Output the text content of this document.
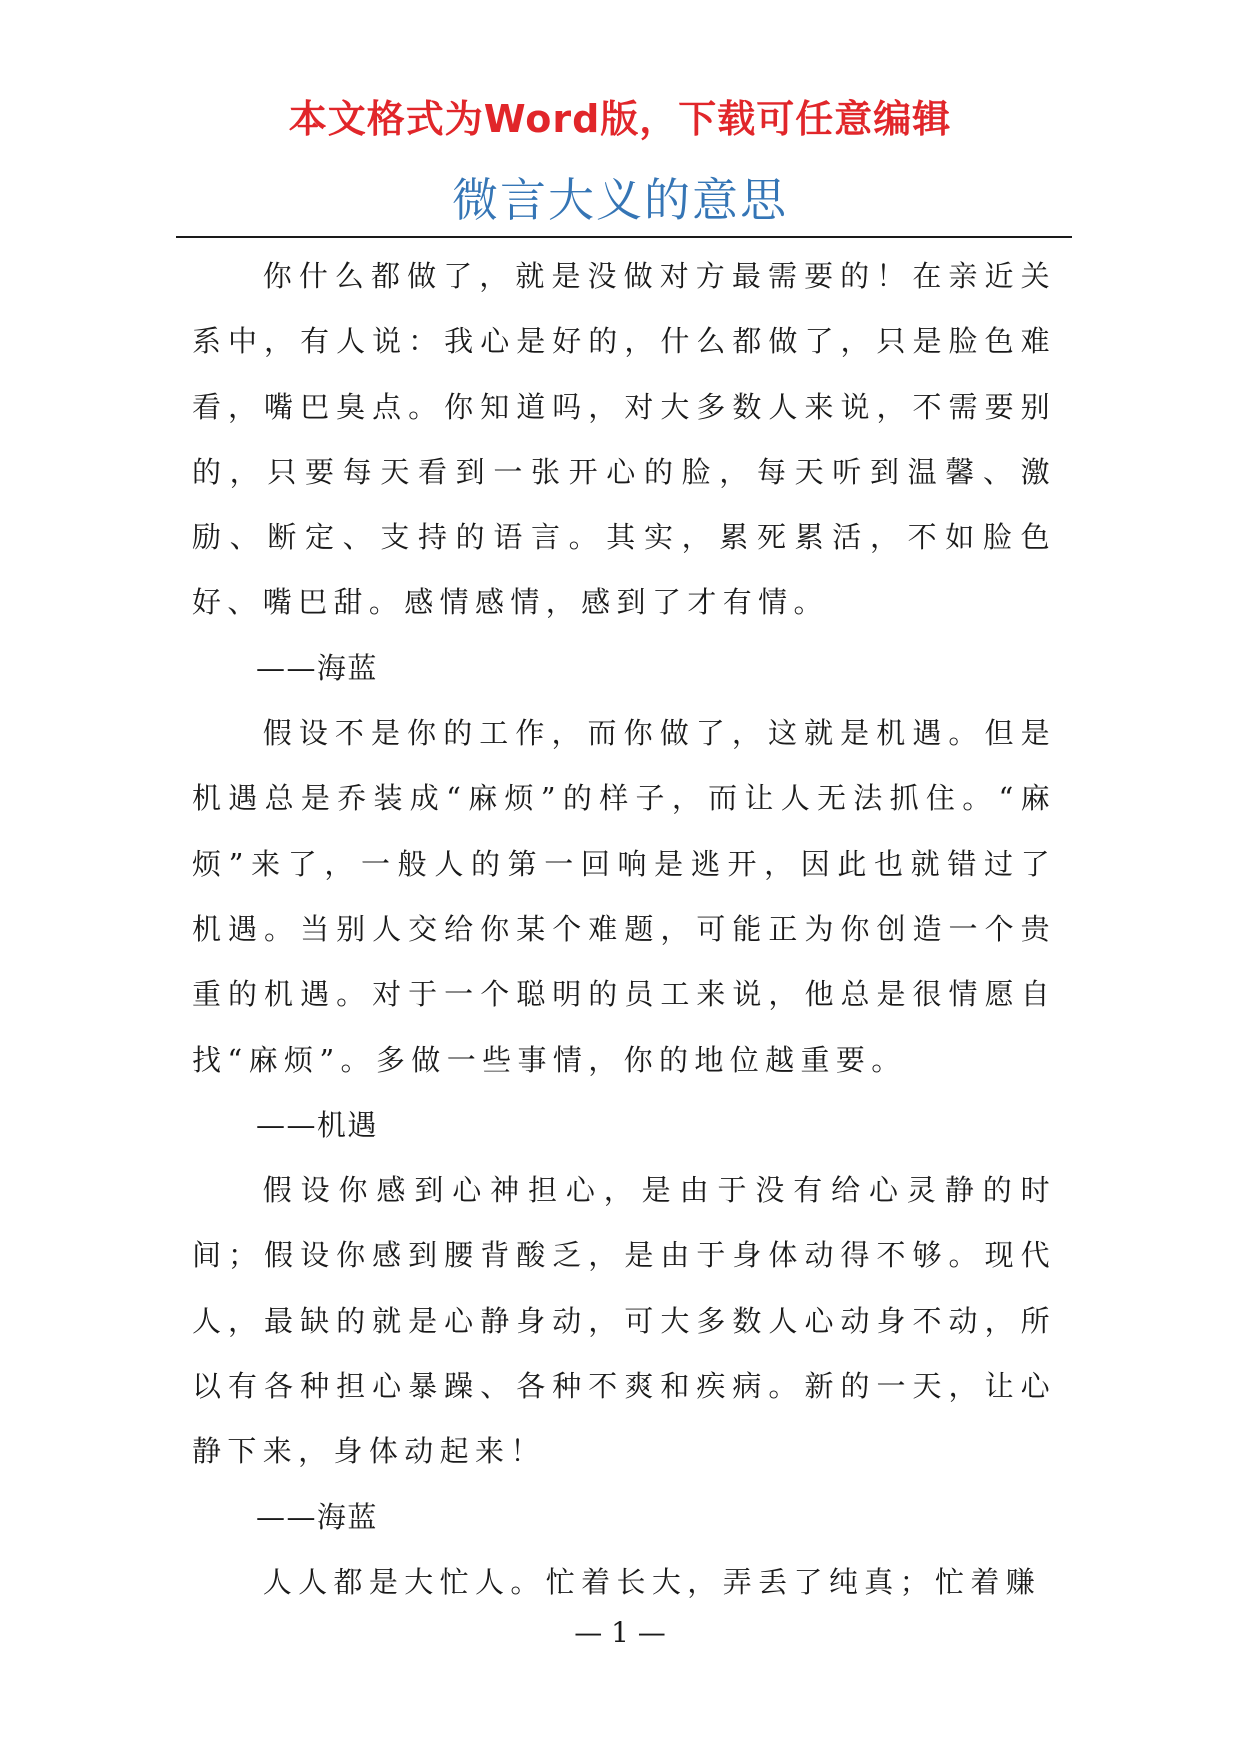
本文格式为Word版，下载可任意编辑
微言大义的意思

你什么都做了，就是没做对方最需要的！在亲近关系中，有人说：我心是好的，什么都做了，只是脸色难看，嘴巴臭点。你知道吗，对大多数人来说，不需要别的，只要每天看到一张开心的脸，每天听到温馨、激励、断定、支持的语言。其实，累死累活，不如脸色好、嘴巴甜。感情感情，感到了才有情。

——海蓝

假设不是你的工作，而你做了，这就是机遇。但是机遇总是乔装成“麻烦”的样子，而让人无法抓住。“麻烦”来了，一般人的第一回响是逃开，因此也就错过了机遇。当别人交给你某个难题，可能正为你创造一个贵重的机遇。对于一个聪明的员工来说，他总是很情愿自找“麻烦”。多做一些事情，你的地位越重要。

——机遇

假设你感到心神担心，是由于没有给心灵静的时间；假设你感到腰背酸乏，是由于身体动得不够。现代人，最缺的就是心静身动，可大多数人心动身不动，所以有各种担心暴躁、各种不爽和疾病。新的一天，让心静下来，身体动起来！

——海蓝

人人都是大忙人。忙着长大，弄丢了纯真；忙着赚

— 1 —
